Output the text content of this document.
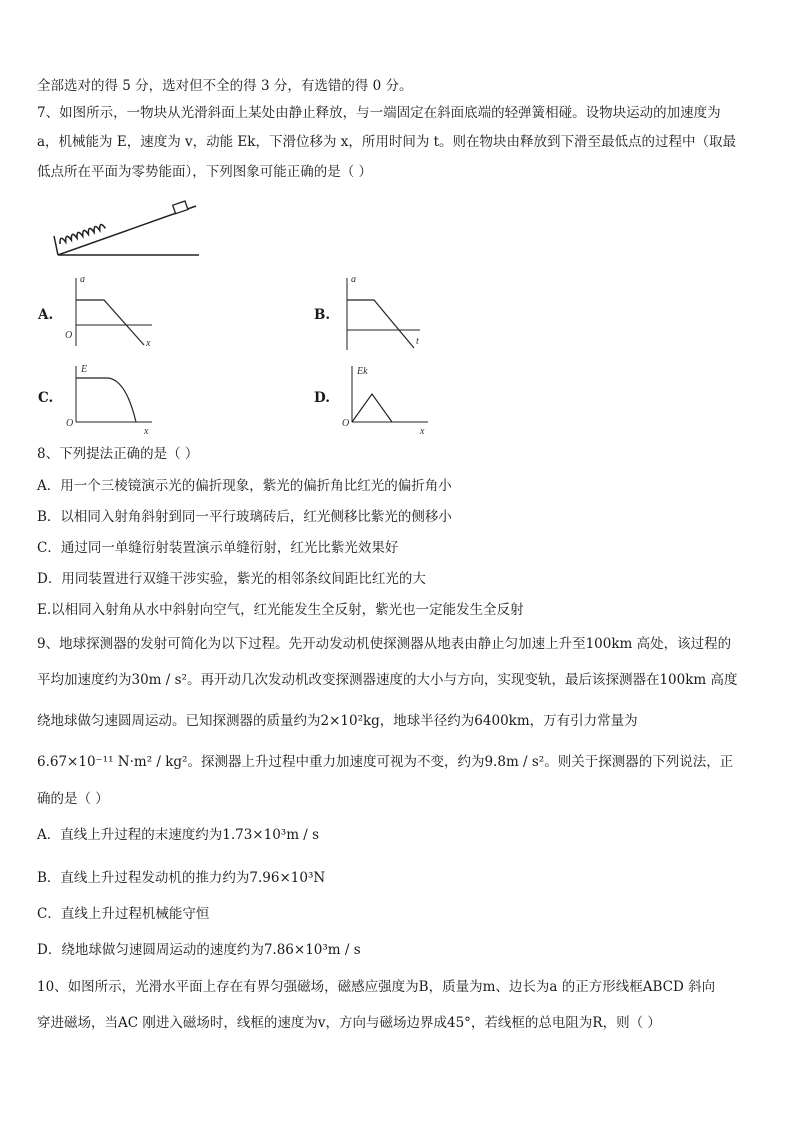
全部选对的得 5 分，选对但不全的得 3 分，有选错的得 0 分。
7、如图所示，一物块从光滑斜面上某处由静止释放，与一端固定在斜面底端的轻弹簧相碰。设物块运动的加速度为
a，机械能为 E，速度为 v，动能 Ek，下滑位移为 x，所用时间为 t。则在物块由释放到下滑至最低点的过程中（取最
低点所在平面为零势能面），下列图象可能正确的是（ ）
A.
a
O
x
B.
a
t
C.
E
O
x
D.
Ek
O
x
8、下列提法正确的是（ ）
A．用一个三棱镜演示光的偏折现象，紫光的偏折角比红光的偏折角小
B．以相同入射角斜射到同一平行玻璃砖后，红光侧移比紫光的侧移小
C．通过同一单缝衍射装置演示单缝衍射，红光比紫光效果好
D．用同装置进行双缝干涉实验，紫光的相邻条纹间距比红光的大
E.以相同入射角从水中斜射向空气，红光能发生全反射，紫光也一定能发生全反射
9、地球探测器的发射可简化为以下过程。先开动发动机使探测器从地表由静止匀加速上升至100km 高处，该过程的
平均加速度约为30m / s²。再开动几次发动机改变探测器速度的大小与方向，实现变轨，最后该探测器在100km 高度
绕地球做匀速圆周运动。已知探测器的质量约为2×10²kg，地球半径约为6400km，万有引力常量为
6.67×10⁻¹¹ N·m² / kg²。探测器上升过程中重力加速度可视为不变，约为9.8m / s²。则关于探测器的下列说法，正
确的是（ ）
A．直线上升过程的末速度约为1.73×10³m / s
B．直线上升过程发动机的推力约为7.96×10³N
C．直线上升过程机械能守恒
D．绕地球做匀速圆周运动的速度约为7.86×10³m / s
10、如图所示，光滑水平面上存在有界匀强磁场，磁感应强度为B，质量为m、边长为a 的正方形线框ABCD 斜向
穿进磁场，当AC 刚进入磁场时，线框的速度为v，方向与磁场边界成45°，若线框的总电阻为R，则（ ）
